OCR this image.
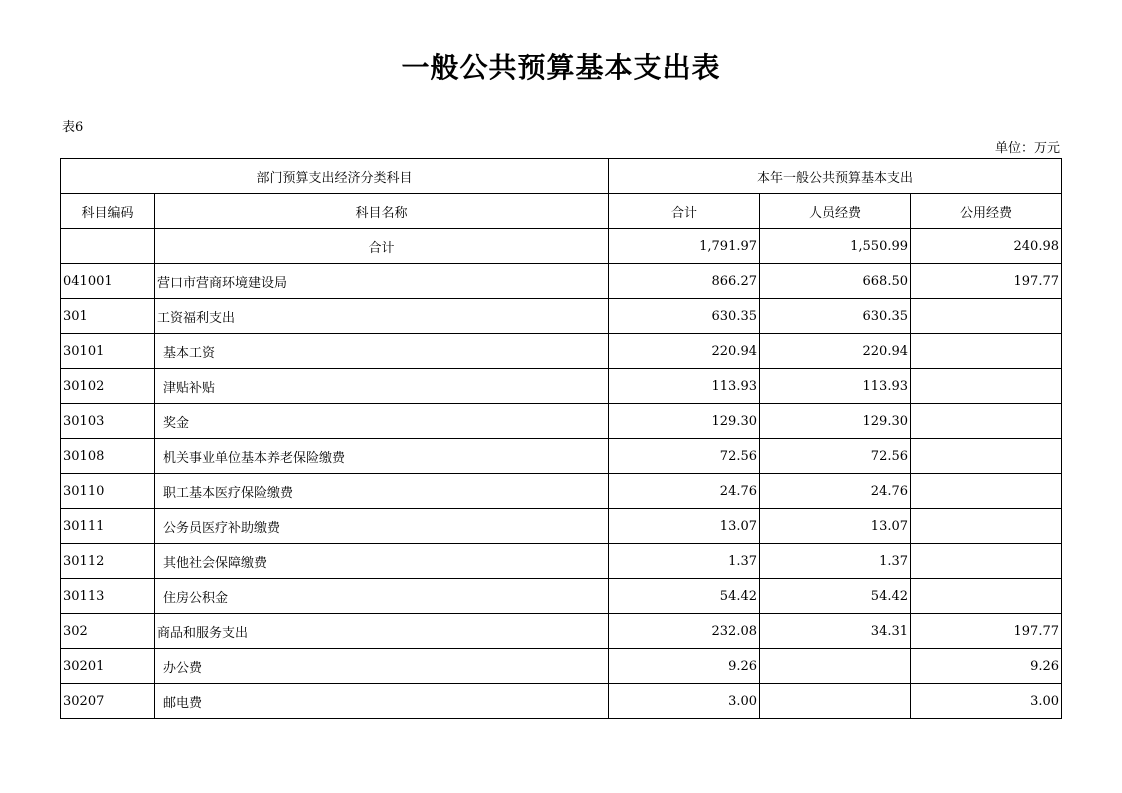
一般公共预算基本支出表
表6
单位：万元
部门预算支出经济分类科目		本年一般公共预算基本支出		
科目编码	科目名称	合计	人员经费	公用经费
	合计	1,791.97	1,550.99	240.98
041001	营口市营商环境建设局	866.27	668.50	197.77
301	工资福利支出	630.35	630.35	
30101	基本工资	220.94	220.94	
30102	津贴补贴	113.93	113.93	
30103	奖金	129.30	129.30	
30108	机关事业单位基本养老保险缴费	72.56	72.56	
30110	职工基本医疗保险缴费	24.76	24.76	
30111	公务员医疗补助缴费	13.07	13.07	
30112	其他社会保障缴费	1.37	1.37	
30113	住房公积金	54.42	54.42	
302	商品和服务支出	232.08	34.31	197.77
30201	办公费	9.26		9.26
30207	邮电费	3.00		3.00
